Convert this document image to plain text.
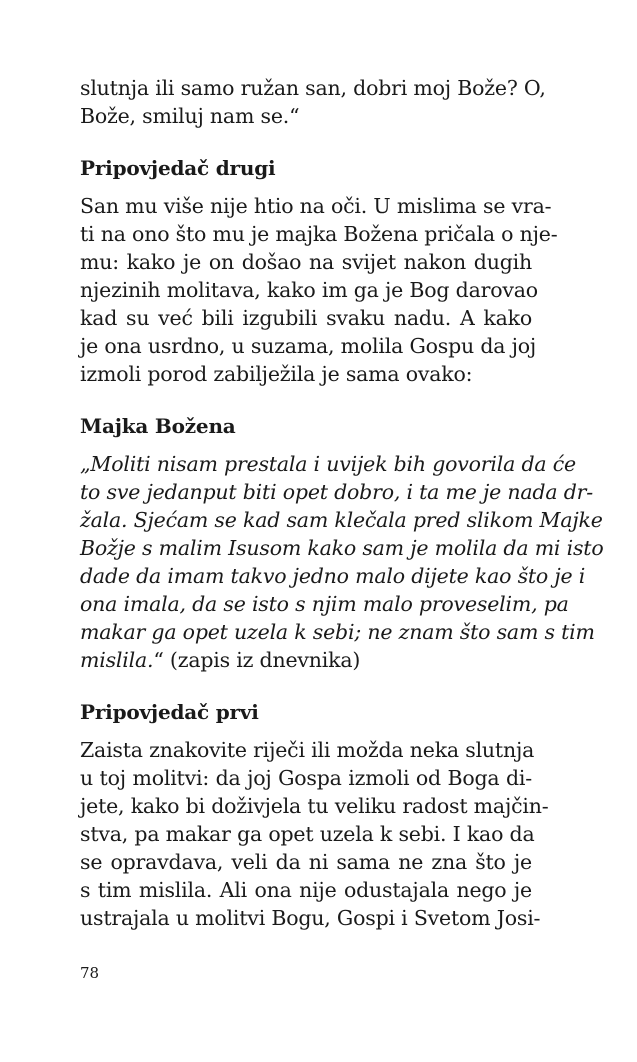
slutnja ili samo ružan san, dobri moj Bože? O,
Bože, smiluj nam se.“

Pripovjedač drugi

San mu više nije htio na oči. U mislima se vra-
ti na ono što mu je majka Božena pričala o nje-
mu: kako je on došao na svijet nakon dugih
njezinih molitava, kako im ga je Bog darovao
kad su već bili izgubili svaku nadu. A kako
je ona usrdno, u suzama, molila Gospu da joj
izmoli porod zabilježila je sama ovako:

Majka Božena

„Moliti nisam prestala i uvijek bih govorila da će
to sve jedanput biti opet dobro, i ta me je nada dr-
žala. Sjećam se kad sam klečala pred slikom Majke
Božje s malim Isusom kako sam je molila da mi isto
dade da imam takvo jedno malo dijete kao što je i
ona imala, da se isto s njim malo proveselim, pa
makar ga opet uzela k sebi; ne znam što sam s tim
mislila.“ (zapis iz dnevnika)

Pripovjedač prvi

Zaista znakovite riječi ili možda neka slutnja
u toj molitvi: da joj Gospa izmoli od Boga di-
jete, kako bi doživjela tu veliku radost majčin-
stva, pa makar ga opet uzela k sebi. I kao da
se opravdava, veli da ni sama ne zna što je
s tim mislila. Ali ona nije odustajala nego je
ustrajala u molitvi Bogu, Gospi i Svetom Josi-

78
